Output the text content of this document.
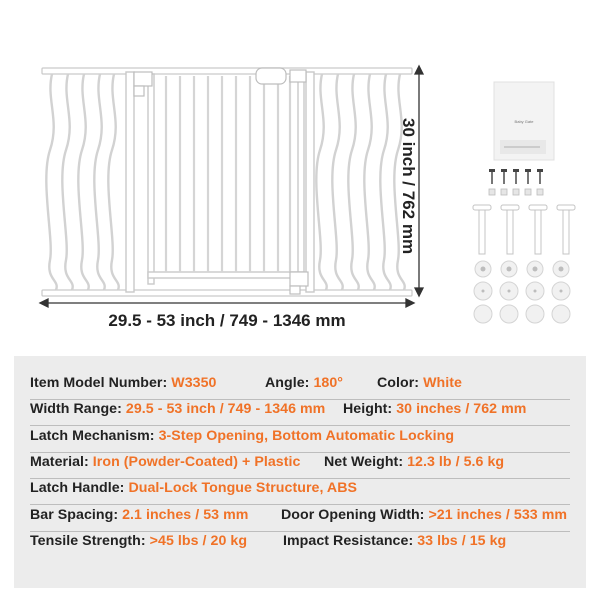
Baby Gate
29.5 - 53 inch / 749 - 1346 mm
30 inch / 762 mm
Item Model Number: W3350	Angle: 180° Color: White
Width Range: 29.5 - 53 inch / 749 - 1346 mm Height: 30 inches / 762 mm
Latch Mechanism: 3-Step Opening, Bottom Automatic Locking
Material: Iron (Powder-Coated) + Plastic Net Weight: 12.3 lb / 5.6 kg
Latch Handle: Dual-Lock Tongue Structure, ABS
Bar Spacing: 2.1 inches / 53 mm Door Opening Width: >21 inches / 533 mm
Tensile Strength: >45 lbs / 20 kg	Impact Resistance: 33 lbs / 15 kg
